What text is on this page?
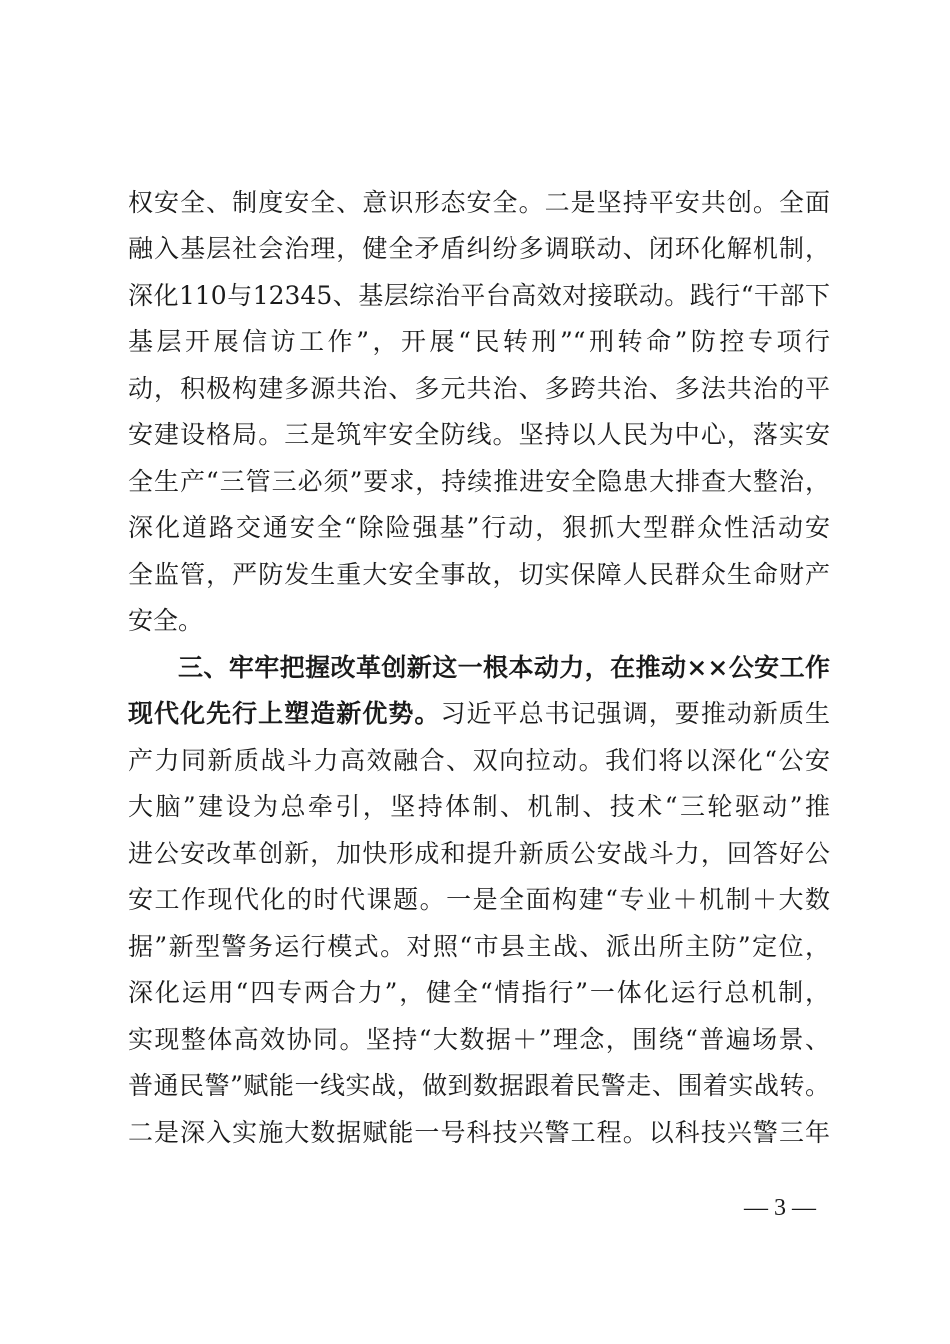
权安全、制度安全、意识形态安全。二是坚持平安共创。全面
融入基层社会治理，健全矛盾纠纷多调联动、闭环化解机制，
深化110与12345、基层综治平台高效对接联动。践行“干部下
基层开展信访工作”，开展“民转刑”“刑转命”防控专项行
动，积极构建多源共治、多元共治、多跨共治、多法共治的平
安建设格局。三是筑牢安全防线。坚持以人民为中心，落实安
全生产“三管三必须”要求，持续推进安全隐患大排查大整治，
深化道路交通安全“除险强基”行动，狠抓大型群众性活动安
全监管，严防发生重大安全事故，切实保障人民群众生命财产
安全。
三、牢牢把握改革创新这一根本动力，在推动××公安工作
现代化先行上塑造新优势。习近平总书记强调，要推动新质生
产力同新质战斗力高效融合、双向拉动。我们将以深化“公安
大脑”建设为总牵引，坚持体制、机制、技术“三轮驱动”推
进公安改革创新，加快形成和提升新质公安战斗力，回答好公
安工作现代化的时代课题。一是全面构建“专业＋机制＋大数
据”新型警务运行模式。对照“市县主战、派出所主防”定位，
深化运用“四专两合力”，健全“情指行”一体化运行总机制，
实现整体高效协同。坚持“大数据＋”理念，围绕“普遍场景、
普通民警”赋能一线实战，做到数据跟着民警走、围着实战转。
二是深入实施大数据赋能一号科技兴警工程。以科技兴警三年
— 3 —
